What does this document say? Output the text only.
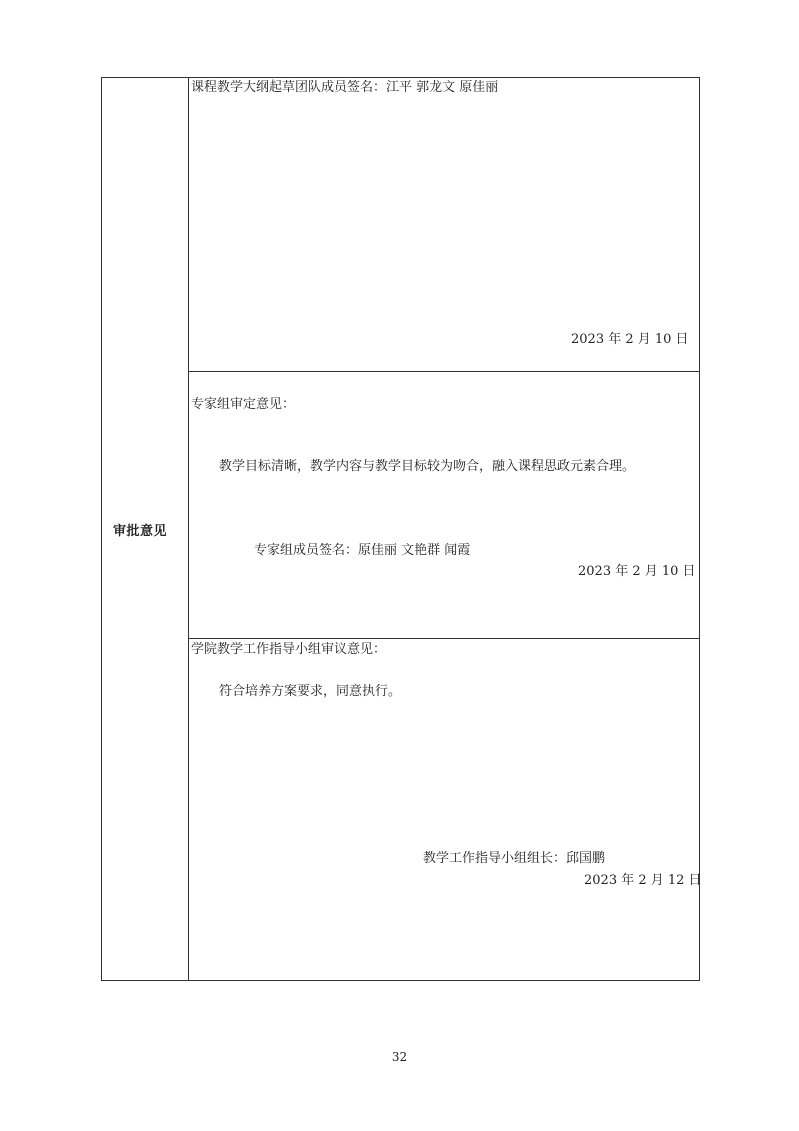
审批意见
课程教学大纲起草团队成员签名：江平 郭龙文 原佳丽
2023 年 2 月 10 日
专家组审定意见：
教学目标清晰，教学内容与教学目标较为吻合，融入课程思政元素合理。
专家组成员签名：原佳丽 文艳群 闻霞
2023 年 2 月 10 日
学院教学工作指导小组审议意见：
符合培养方案要求，同意执行。
教学工作指导小组组长：邱国鹏
2023 年 2 月 12 日
32
